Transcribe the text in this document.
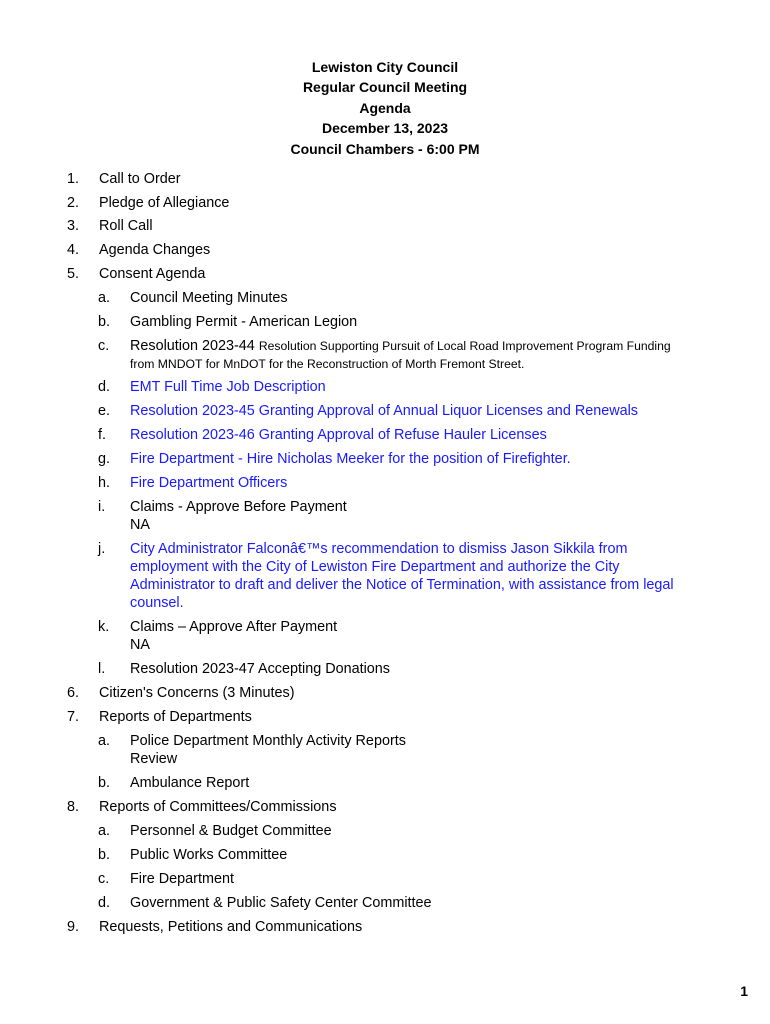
Lewiston City Council
Regular Council Meeting
Agenda
December 13, 2023
Council Chambers - 6:00 PM
1. Call to Order
2. Pledge of Allegiance
3. Roll Call
4. Agenda Changes
5. Consent Agenda
a. Council Meeting Minutes
b. Gambling Permit - American Legion
c. Resolution 2023-44 Resolution Supporting Pursuit of Local Road Improvement Program Funding from MNDOT for MnDOT for the Reconstruction of Morth Fremont Street.
d. EMT Full Time Job Description
e. Resolution 2023-45 Granting Approval of Annual Liquor Licenses and Renewals
f. Resolution 2023-46 Granting Approval of Refuse Hauler Licenses
g. Fire Department - Hire Nicholas Meeker for the position of Firefighter.
h. Fire Department Officers
i. Claims - Approve Before Payment
NA
j. City Administrator Falconâ€™s recommendation to dismiss Jason Sikkila from employment with the City of Lewiston Fire Department and authorize the City Administrator to draft and deliver the Notice of Termination, with assistance from legal counsel.
k. Claims – Approve After Payment
NA
l. Resolution 2023-47 Accepting Donations
6. Citizen's Concerns (3 Minutes)
7. Reports of Departments
a. Police Department Monthly Activity Reports
Review
b. Ambulance Report
8. Reports of Committees/Commissions
a. Personnel & Budget Committee
b. Public Works Committee
c. Fire Department
d. Government & Public Safety Center Committee
9. Requests, Petitions and Communications
1
